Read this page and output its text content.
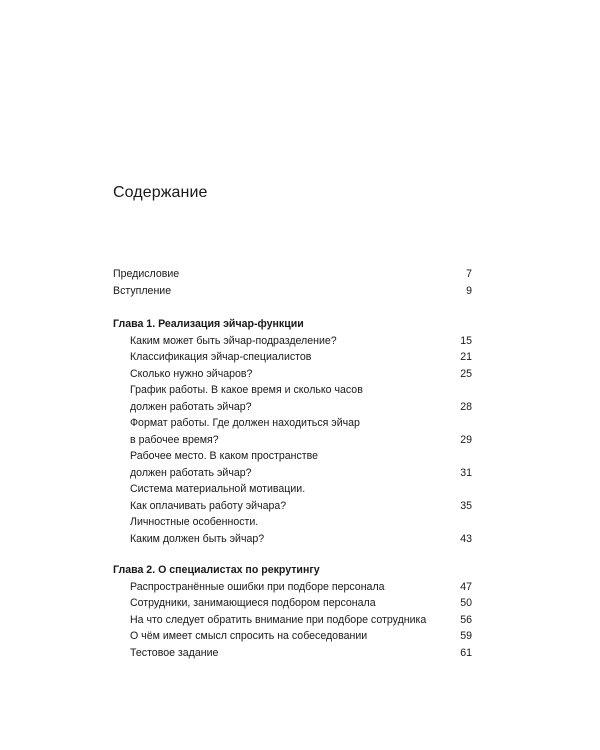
Содержание
Предисловие	7
Вступление	9
Глава 1. Реализация эйчар-функции
Каким может быть эйчар-подразделение?	15
Классификация эйчар-специалистов	21
Сколько нужно эйчаров?	25
График работы. В какое время и сколько часов
должен работать эйчар?	28
Формат работы. Где должен находиться эйчар
в рабочее время?	29
Рабочее место. В каком пространстве
должен работать эйчар?	31
Система материальной мотивации.
Как оплачивать работу эйчара?	35
Личностные особенности.
Каким должен быть эйчар?	43
Глава 2. О специалистах по рекрутингу
Распространённые ошибки при подборе персонала	47
Сотрудники, занимающиеся подбором персонала	50
На что следует обратить внимание при подборе сотрудника	56
О чём имеет смысл спросить на собеседовании	59
Тестовое задание	61
